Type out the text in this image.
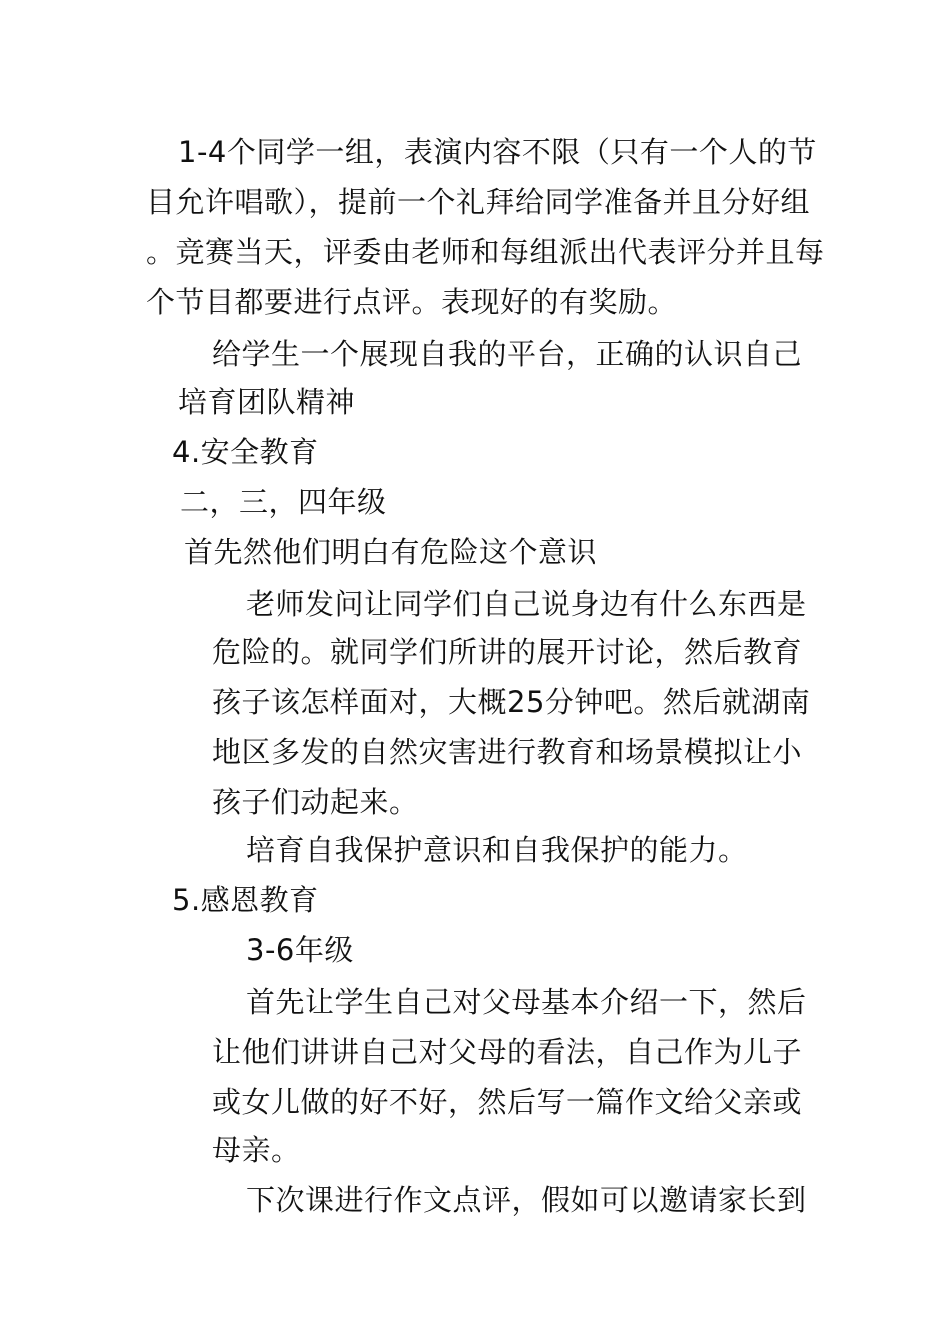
1-4个同学一组，表演内容不限（只有一个人的节
目允许唱歌），提前一个礼拜给同学准备并且分好组
。竞赛当天，评委由老师和每组派出代表评分并且每
个节目都要进行点评。表现好的有奖励。
给学生一个展现自我的平台，正确的认识自己
培育团队精神
4.安全教育
二，三，四年级
首先然他们明白有危险这个意识
老师发问让同学们自己说身边有什么东西是
危险的。就同学们所讲的展开讨论，然后教育
孩子该怎样面对，大概25分钟吧。然后就湖南
地区多发的自然灾害进行教育和场景模拟让小
孩子们动起来。
培育自我保护意识和自我保护的能力。
5.感恩教育
3-6年级
首先让学生自己对父母基本介绍一下，然后
让他们讲讲自己对父母的看法，自己作为儿子
或女儿做的好不好，然后写一篇作文给父亲或
母亲。
下次课进行作文点评，假如可以邀请家长到
